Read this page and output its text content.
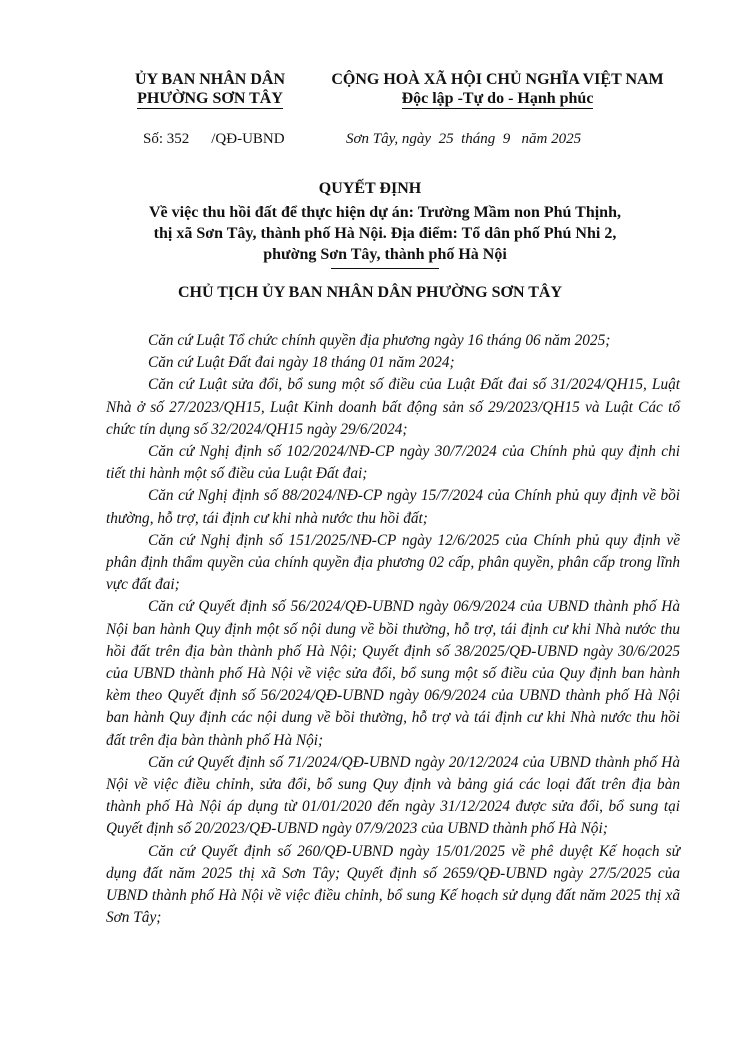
ỦY BAN NHÂN DÂN
PHƯỜNG SƠN TÂY
CỘNG HOÀ XÃ HỘI CHỦ NGHĨA VIỆT NAM
Độc lập -Tự do - Hạnh phúc
Số: 352 /QĐ-UBND	Sơn Tây, ngày  25  tháng  9   năm 2025
QUYẾT ĐỊNH
Về việc thu hồi đất để thực hiện dự án: Trường Mầm non Phú Thịnh,
thị xã Sơn Tây, thành phố Hà Nội. Địa điểm: Tổ dân phố Phú Nhi 2,
phường Sơn Tây, thành phố Hà Nội
CHỦ TỊCH ỦY BAN NHÂN DÂN PHƯỜNG SƠN TÂY

Căn cứ Luật Tổ chức chính quyền địa phương ngày 16 tháng 06 năm 2025;

Căn cứ Luật Đất đai ngày 18 tháng 01 năm 2024;

Căn cứ Luật sửa đổi, bổ sung một số điều của Luật Đất đai số 31/2024/QH15, Luật Nhà ở số 27/2023/QH15, Luật Kinh doanh bất động sản số 29/2023/QH15 và Luật Các tổ chức tín dụng số 32/2024/QH15 ngày 29/6/2024;

Căn cứ Nghị định số 102/2024/NĐ-CP ngày 30/7/2024 của Chính phủ quy định chi tiết thi hành một số điều của Luật Đất đai;

Căn cứ Nghị định số 88/2024/NĐ-CP ngày 15/7/2024 của Chính phủ quy định về bồi thường, hỗ trợ, tái định cư khi nhà nước thu hồi đất;

Căn cứ Nghị định số 151/2025/NĐ-CP ngày 12/6/2025 của Chính phủ quy định về phân định thẩm quyền của chính quyền địa phương 02 cấp, phân quyền, phân cấp trong lĩnh vực đất đai;

Căn cứ Quyết định số 56/2024/QĐ-UBND ngày 06/9/2024 của UBND thành phố Hà Nội ban hành Quy định một số nội dung về bồi thường, hỗ trợ, tái định cư khi Nhà nước thu hồi đất trên địa bàn thành phố Hà Nội; Quyết định số 38/2025/QĐ-UBND ngày 30/6/2025 của UBND thành phố Hà Nội về việc sửa đổi, bổ sung một số điều của Quy định ban hành kèm theo Quyết định số 56/2024/QĐ-UBND ngày 06/9/2024 của UBND thành phố Hà Nội ban hành Quy định các nội dung về bồi thường, hỗ trợ và tái định cư khi Nhà nước thu hồi đất trên địa bàn thành phố Hà Nội;

Căn cứ Quyết định số 71/2024/QĐ-UBND ngày 20/12/2024 của UBND thành phố Hà Nội về việc điều chỉnh, sửa đổi, bổ sung Quy định và bảng giá các loại đất trên địa bàn thành phố Hà Nội áp dụng từ 01/01/2020 đến ngày 31/12/2024 được sửa đổi, bổ sung tại Quyết định số 20/2023/QĐ-UBND ngày 07/9/2023 của UBND thành phố Hà Nội;

Căn cứ Quyết định số 260/QĐ-UBND ngày 15/01/2025 về phê duyệt Kế hoạch sử dụng đất năm 2025 thị xã Sơn Tây; Quyết định số 2659/QĐ-UBND ngày 27/5/2025 của UBND thành phố Hà Nội về việc điều chỉnh, bổ sung Kế hoạch sử dụng đất năm 2025 thị xã Sơn Tây;
